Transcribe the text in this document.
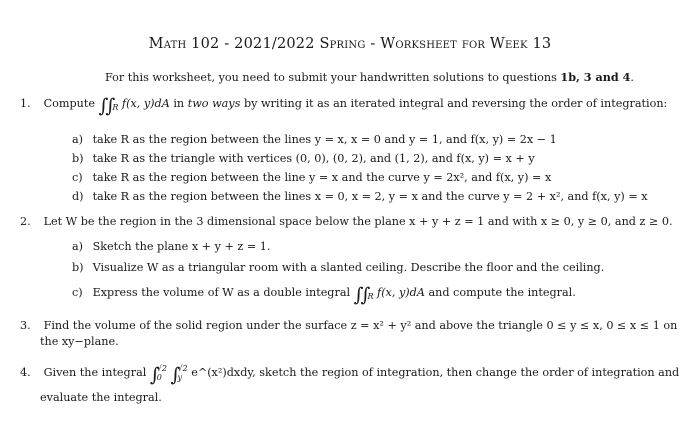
Math 102 - 2021/2022 Spring - Worksheet for Week 13
For this worksheet, you need to submit your handwritten solutions to questions 1b, 3 and 4.
1. Compute $\int\int_R$ f(x, y)dA in two ways by writing it as an iterated integral and reversing the order of integration:
a) take R as the region between the lines y = x, x = 0 and y = 1, and f(x, y) = 2x − 1
b) take R as the triangle with vertices (0, 0), (0, 2), and (1, 2), and f(x, y) = x + y
c) take R as the region between the line y = x and the curve y = 2x², and f(x, y) = x
d) take R as the region between the lines x = 0, x = 2, y = x and the curve y = 2 + x², and f(x, y) = x
2. Let W be the region in the 3 dimensional space below the plane x + y + z = 1 and with x ≥ 0, y ≥ 0, and z ≥ 0.
a) Sketch the plane x + y + z = 1.
b) Visualize W as a triangular room with a slanted ceiling. Describe the floor and the ceiling.
c) Express the volume of W as a double integral $\int\int_R$ f(x, y)dA and compute the integral.
3. Find the volume of the solid region under the surface z = x² + y² and above the triangle 0 ≤ y ≤ x, 0 ≤ x ≤ 1 on
the xy−plane.
4. Given the integral ∫ √2
0 ∫ √2
y e^(x²)dxdy, sketch the region of integration, then change the order of integration and
evaluate the integral.
